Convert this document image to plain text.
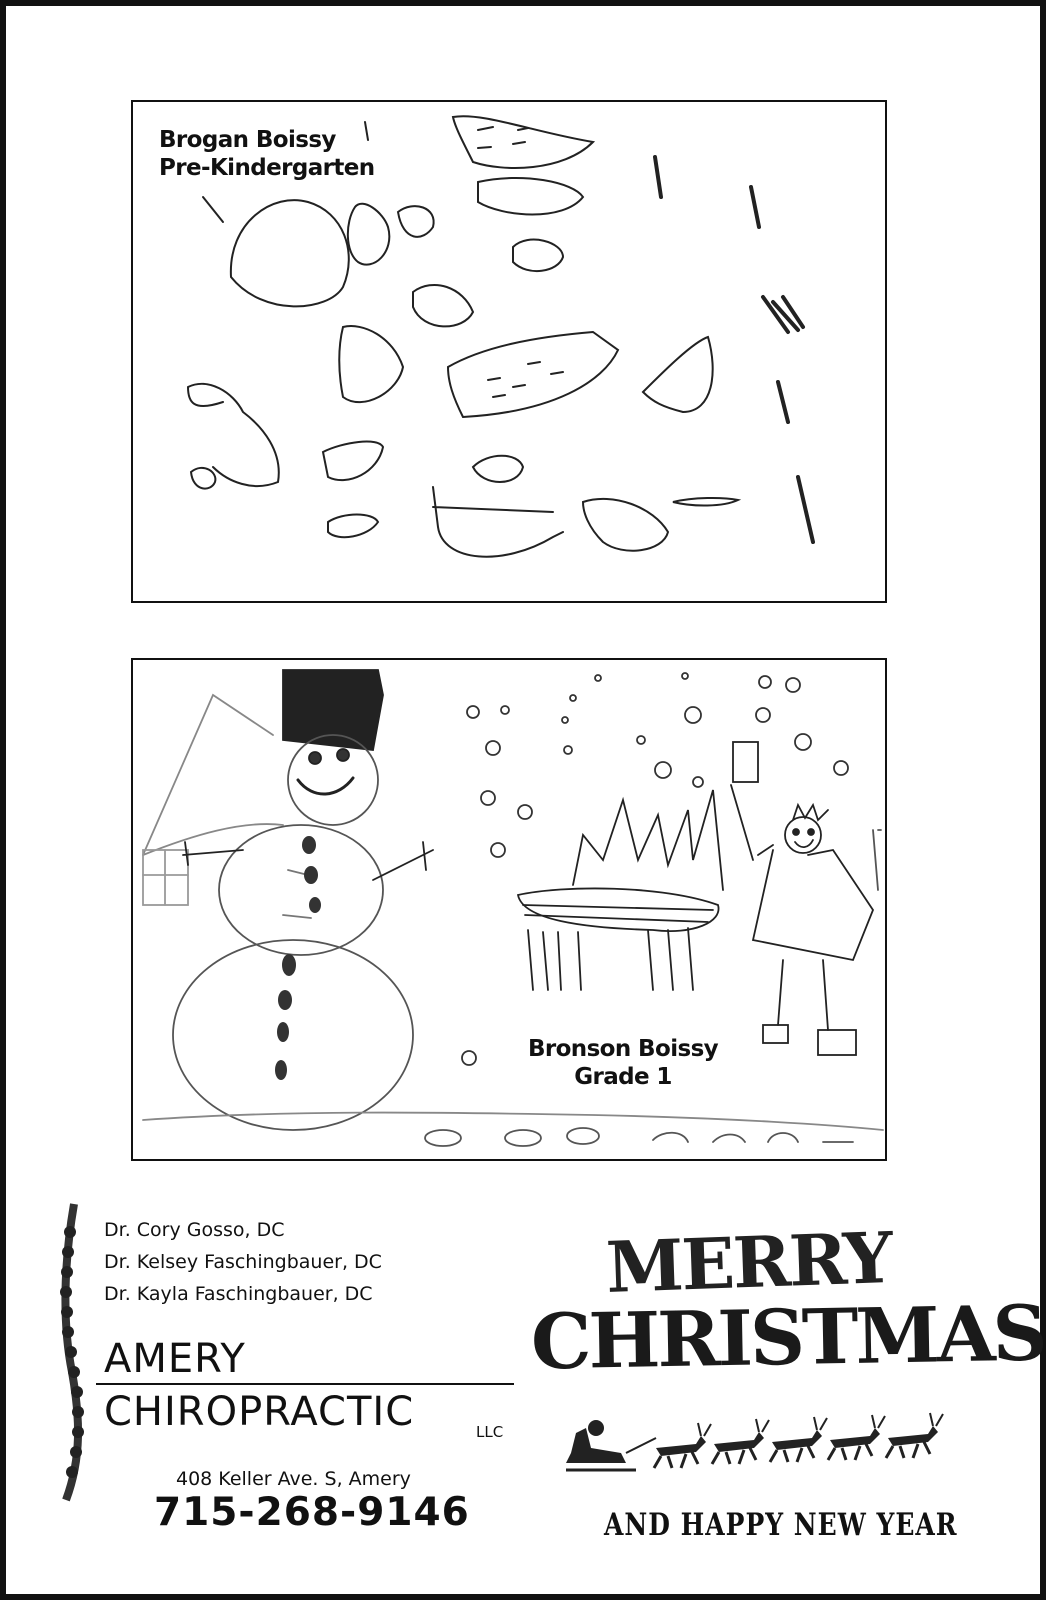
Brogan Boissy
Pre-Kindergarten
Bronson Boissy
Grade 1
Dr. Cory Gosso, DC
Dr. Kelsey Faschingbauer, DC
Dr. Kayla Faschingbauer, DC
AMERY
CHIROPRACTIC	LLC
408 Keller Ave. S, Amery
715-268-9146
MERRY
CHRISTMAS
AND HAPPY NEW YEAR
